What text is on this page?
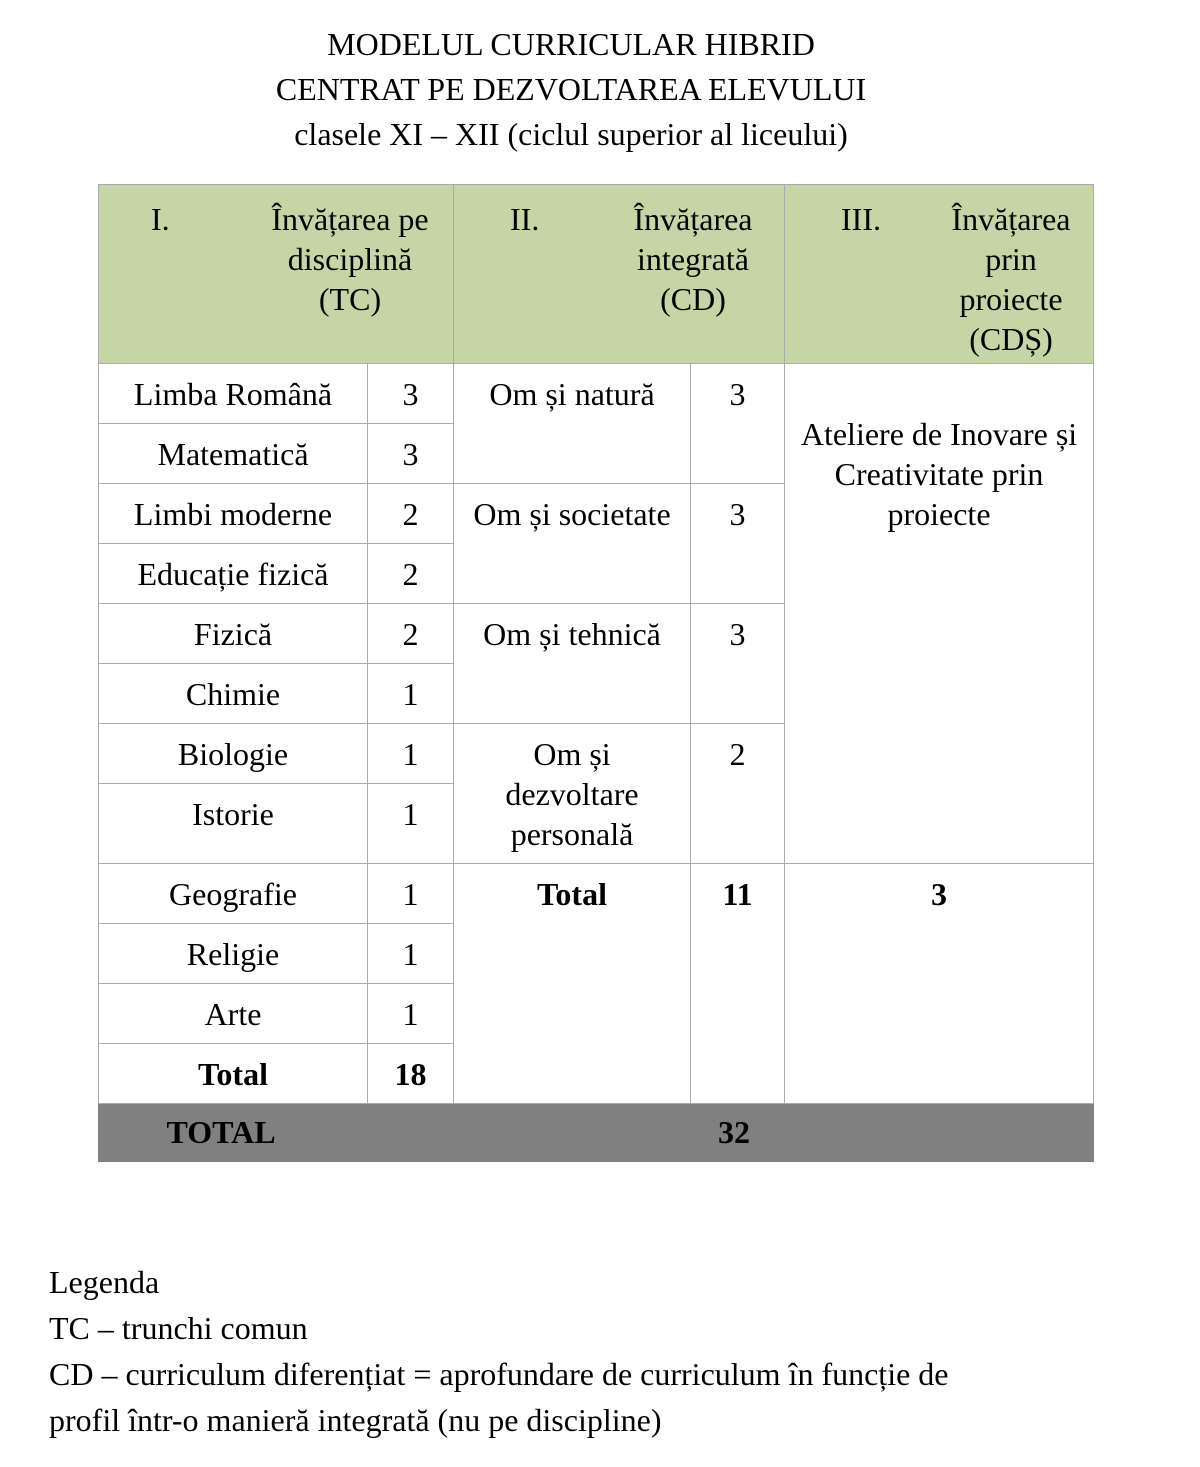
MODELUL CURRICULAR HIBRID
CENTRAT PE DEZVOLTAREA ELEVULUI
clasele XI – XII (ciclul superior al liceului)
I. Învățarea pe disciplină (TC)		II. Învățarea integrată (CD)		III. Învățarea prin proiecte (CDȘ)

Limba Română	3	Om și natură	3	Ateliere de Inovare și Creativitate prin proiecte
Matematică	3			
Limbi moderne	2	Om și societate	3	
Educație fizică	2			
Fizică	2	Om și tehnică	3	
Chimie	1			
Biologie	1	Om și dezvoltare personală	2	
Istorie	1			
Geografie	1	Total	11	3
Religie	1			
Arte	1			
Total	18			
TOTAL		32		
Legenda
TC – trunchi comun
CD – curriculum diferențiat = aprofundare de curriculum în funcție de
profil într-o manieră integrată (nu pe discipline)
